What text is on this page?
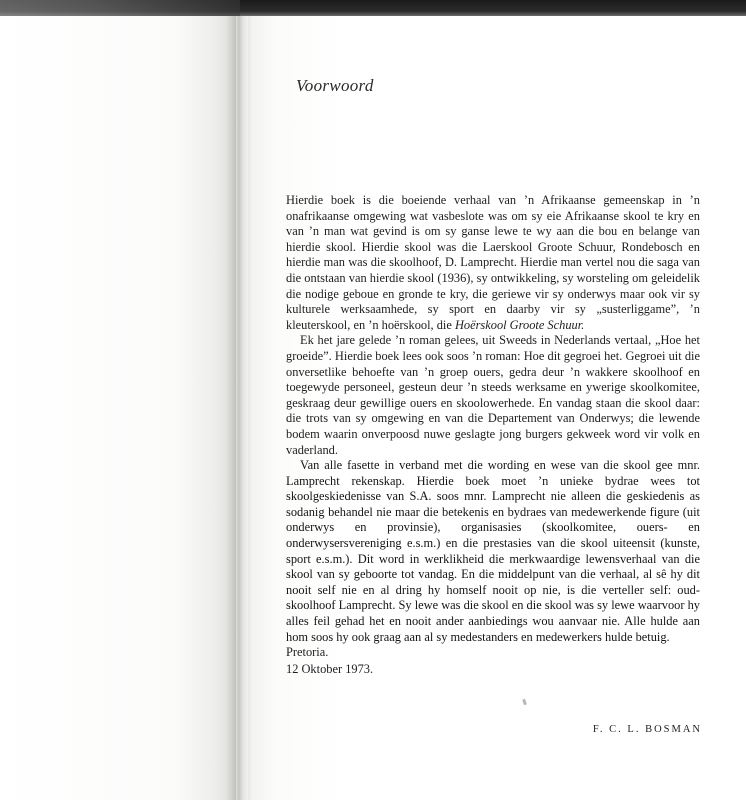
Voorwoord

Hierdie boek is die boeiende verhaal van ’n Afrikaanse gemeenskap in ’n onafrikaanse omgewing wat vasbeslote was om sy eie Afrikaanse skool te kry en van ’n man wat gevind is om sy ganse lewe te wy aan die bou en belange van hierdie skool. Hierdie skool was die Laerskool Groote Schuur, Rondebosch en hierdie man was die skoolhoof, D. Lamprecht. Hierdie man vertel nou die saga van die ontstaan van hierdie skool (1936), sy ontwikkeling, sy worsteling om geleidelik die nodige geboue en gronde te kry, die geriewe vir sy onderwys maar ook vir sy kulturele werksaamhede, sy sport en daarby vir sy „susterliggame”, ’n kleuterskool, en ’n hoërskool, die Hoërskool Groote Schuur.

Ek het jare gelede ’n roman gelees, uit Sweeds in Nederlands vertaal, „Hoe het groeide”. Hierdie boek lees ook soos ’n roman: Hoe dit gegroei het. Gegroei uit die onversetlike behoefte van ’n groep ouers, gedra deur ’n wakkere skoolhoof en toegewyde personeel, gesteun deur ’n steeds werksame en ywerige skoolkomitee, geskraag deur gewillige ouers en skoolowerhede. En vandag staan die skool daar: die trots van sy omgewing en van die Departement van Onderwys; die lewende bodem waarin onverpoosd nuwe geslagte jong burgers gekweek word vir volk en vaderland.

Van alle fasette in verband met die wording en wese van die skool gee mnr. Lamprecht rekenskap. Hierdie boek moet ’n unieke bydrae wees tot skoolgeskiedenisse van S.A. soos mnr. Lamprecht nie alleen die geskiedenis as sodanig behandel nie maar die betekenis en bydraes van medewerkende figure (uit onderwys en provinsie), organisasies (skoolkomitee, ouers- en onderwysersvereniging e.s.m.) en die prestasies van die skool uiteensit (kunste, sport e.s.m.). Dit word in werklikheid die merkwaardige lewensverhaal van die skool van sy geboorte tot vandag. En die middelpunt van die verhaal, al sê hy dit nooit self nie en al dring hy homself nooit op nie, is die verteller self: oud-skoolhoof Lamprecht. Sy lewe was die skool en die skool was sy lewe waarvoor hy alles feil gehad het en nooit ander aanbiedings wou aanvaar nie. Alle hulde aan hom soos hy ook graag aan al sy medestanders en medewerkers hulde betuig.

Pretoria.

12 Oktober 1973.

F. C. L. BOSMAN
